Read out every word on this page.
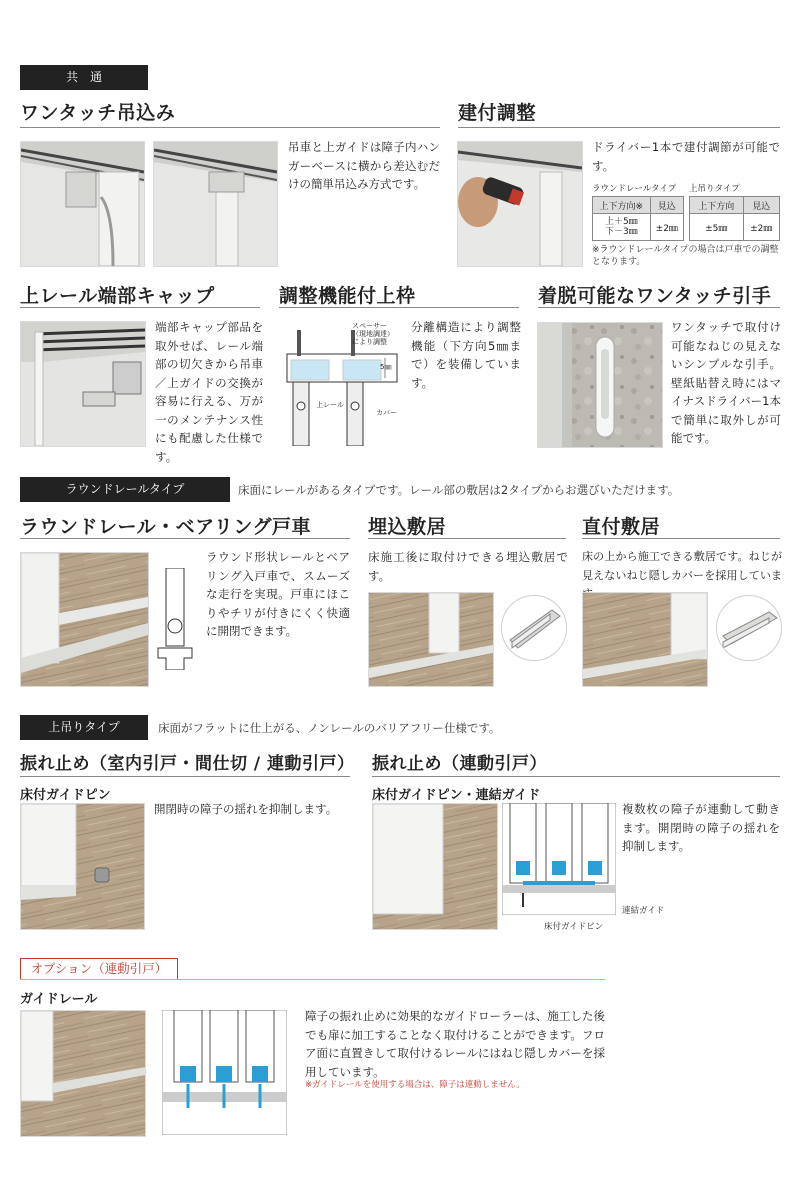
共　通
ワンタッチ吊込み
吊車と上ガイドは障子内ハンガーベースに横から差込むだけの簡単吊込み方式です。
建付調整
ドライバー1本で建付調節が可能です。
ラウンドレールタイプ 上吊りタイプ
上下方向※	見込
上＋5㎜
下－3㎜	±2㎜
上下方向	見込
±5㎜	±2㎜
※ラウンドレールタイプの場合は戸車での調整となります。
上レール端部キャップ
端部キャップ部品を取外せば、レール端部の切欠きから吊車／上ガイドの交換が容易に行える、万が一のメンテナンス性にも配慮した仕様です。
調整機能付上枠
スペーサー
（現地調達）
により調整
5㎜
上レール
カバー
分離構造により調整機能（下方向5㎜まで）を装備しています。
着脱可能なワンタッチ引手
ワンタッチで取付け可能なねじの見えないシンプルな引手。壁紙貼替え時にはマイナスドライバー1本で簡単に取外しが可能です。
ラウンドレールタイプ	床面にレールがあるタイプです。レール部の敷居は2タイプからお選びいただけます。
ラウンドレール・ベアリング戸車
ラウンド形状レールとベアリング入戸車で、スムーズな走行を実現。戸車にほこりやチリが付きにくく快適に開閉できます。
埋込敷居
床施工後に取付けできる埋込敷居です。
直付敷居
床の上から施工できる敷居です。ねじが見えないねじ隠しカバーを採用していま
上吊りタイプ	床面がフラットに仕上がる、ノンレールのバリアフリー仕様です。
振れ止め（室内引戸・間仕切 / 連動引戸）
床付ガイドピン
開閉時の障子の揺れを抑制します。
振れ止め（連動引戸）
床付ガイドピン・連結ガイド
連結ガイド
床付ガイドピン
複数枚の障子が連動して動きます。開閉時の障子の揺れを抑制します。
オプション（連動引戸）
ガイドレール
障子の振れ止めに効果的なガイドローラーは、施工した後でも扉に加工することなく取付けることができます。フロア面に直置きして取付けるレールにはねじ隠しカバーを採用しています。
※ガイドレールを使用する場合は、障子は連動しません。
